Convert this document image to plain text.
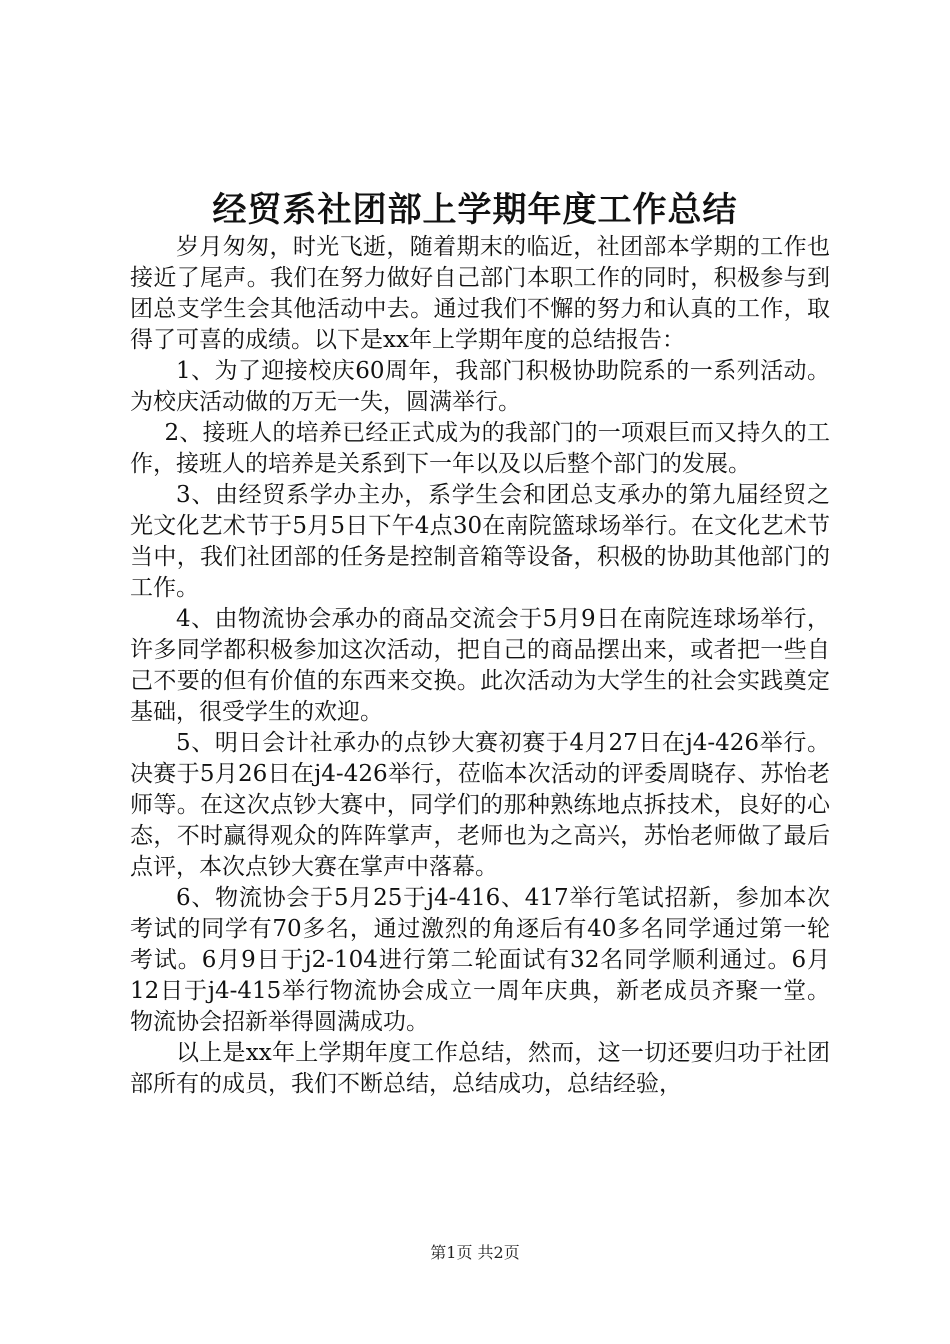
经贸系社团部上学期年度工作总结

岁月匆匆，时光飞逝，随着期末的临近，社团部本学期的工作也接近了尾声。我们在努力做好自己部门本职工作的同时，积极参与到团总支学生会其他活动中去。通过我们不懈的努力和认真的工作，取得了可喜的成绩。以下是xx年上学期年度的总结报告：

1、为了迎接校庆60周年，我部门积极协助院系的一系列活动。为校庆活动做的万无一失，圆满举行。

2、接班人的培养已经正式成为的我部门的一项艰巨而又持久的工作，接班人的培养是关系到下一年以及以后整个部门的发展。

3、由经贸系学办主办，系学生会和团总支承办的第九届经贸之光文化艺术节于5月5日下午4点30在南院篮球场举行。在文化艺术节当中，我们社团部的任务是控制音箱等设备，积极的协助其他部门的工作。

4、由物流协会承办的商品交流会于5月9日在南院连球场举行，许多同学都积极参加这次活动，把自己的商品摆出来，或者把一些自己不要的但有价值的东西来交换。此次活动为大学生的社会实践奠定基础，很受学生的欢迎。

5、明日会计社承办的点钞大赛初赛于4月27日在j4-426举行。决赛于5月26日在j4-426举行，莅临本次活动的评委周晓存、苏怡老师等。在这次点钞大赛中，同学们的那种熟练地点拆技术，良好的心态，不时赢得观众的阵阵掌声，老师也为之高兴，苏怡老师做了最后点评，本次点钞大赛在掌声中落幕。

6、物流协会于5月25于j4-416、417举行笔试招新，参加本次考试的同学有70多名，通过激烈的角逐后有40多名同学通过第一轮考试。6月9日于j2-104进行第二轮面试有32名同学顺利通过。6月12日于j4-415举行物流协会成立一周年庆典，新老成员齐聚一堂。物流协会招新举得圆满成功。

以上是xx年上学期年度工作总结，然而，这一切还要归功于社团部所有的成员，我们不断总结，总结成功，总结经验，

第1页 共2页
